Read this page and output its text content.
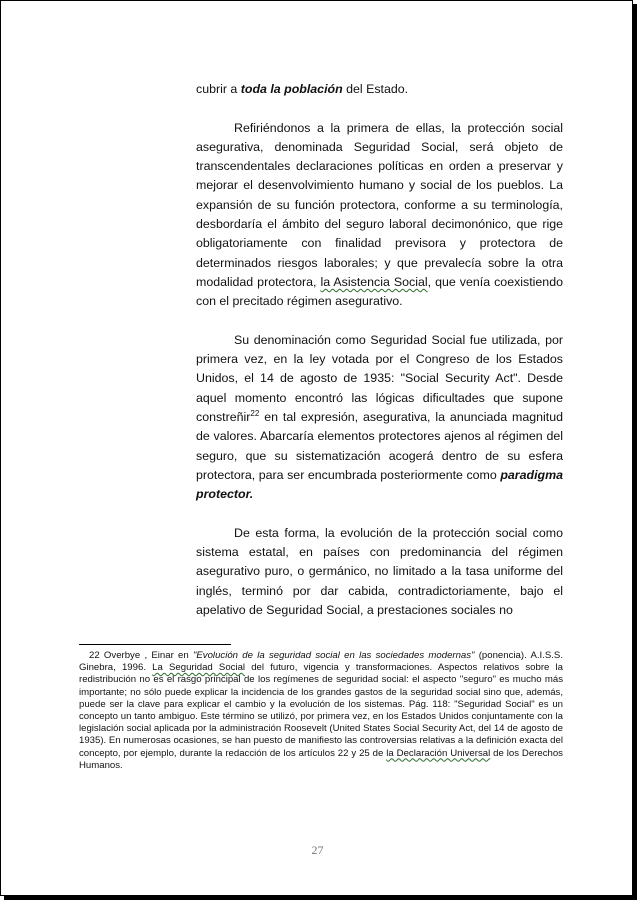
cubrir a toda la población del Estado.

Refiriéndonos a la primera de ellas, la protección social asegurativa, denominada Seguridad Social, será objeto de transcendentales declaraciones políticas en orden a preservar y mejorar el desenvolvimiento humano y social de los pueblos. La expansión de su función protectora, conforme a su terminología, desbordaría el ámbito del seguro laboral decimonónico, que rige obligatoriamente con finalidad previsora y protectora de determinados riesgos laborales; y que prevalecía sobre la otra modalidad protectora, la Asistencia Social, que venía coexistiendo con el precitado régimen asegurativo.

Su denominación como Seguridad Social fue utilizada, por primera vez, en la ley votada por el Congreso de los Estados Unidos, el 14 de agosto de 1935: "Social Security Act". Desde aquel momento encontró las lógicas dificultades que supone constreñir$^{22}$ en tal expresión, asegurativa, la anunciada magnitud de valores. Abarcaría elementos protectores ajenos al régimen del seguro, que su sistematización acogerá dentro de su esfera protectora, para ser encumbrada posteriormente como paradigma protector.

De esta forma, la evolución de la protección social como sistema estatal, en países con predominancia del régimen asegurativo puro, o germánico, no limitado a la tasa uniforme del inglés, terminó por dar cabida, contradictoriamente, bajo el apelativo de Seguridad Social, a prestaciones sociales no

22 Overbye , Einar en "Evolución de la seguridad social en las sociedades modernas" (ponencia). A.I.S.S. Ginebra, 1996. La Seguridad Social del futuro, vigencia y transformaciones. Aspectos relativos sobre la redistribución no es el rasgo principal de los regímenes de seguridad social: el aspecto "seguro" es mucho más importante; no sólo puede explicar la incidencia de los grandes gastos de la seguridad social sino que, además, puede ser la clave para explicar el cambio y la evolución de los sistemas. Pág. 118: "Seguridad Social" es un concepto un tanto ambiguo. Este término se utilizó, por primera vez, en los Estados Unidos conjuntamente con la legislación social aplicada por la administración Roosevelt (United States Social Security Act, del 14 de agosto de 1935). En numerosas ocasiones, se han puesto de manifiesto las controversias relativas a la definición exacta del concepto, por ejemplo, durante la redacción de los artículos 22 y 25 de la Declaración Universal de los Derechos Humanos.
27
